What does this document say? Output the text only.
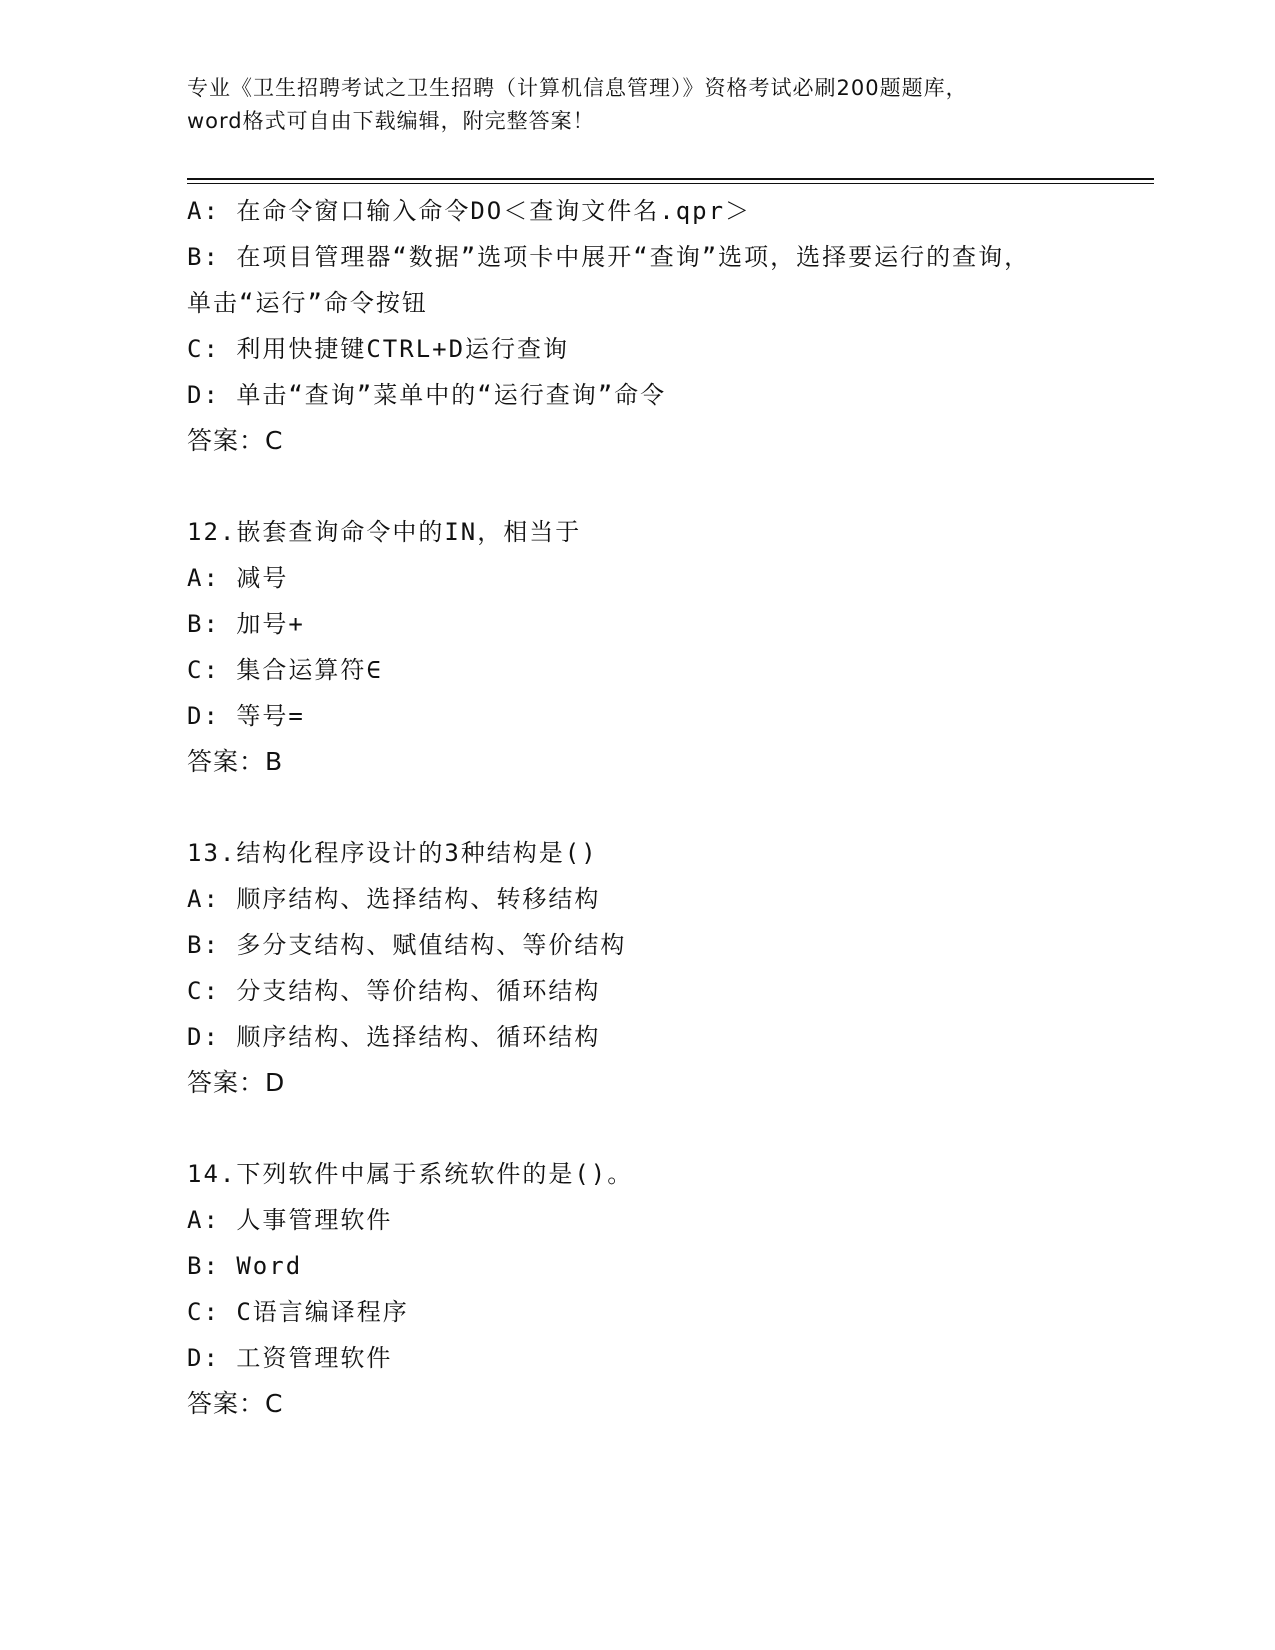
专业《卫生招聘考试之卫生招聘（计算机信息管理）》资格考试必刷200题题库，
word格式可自由下载编辑，附完整答案！
A: 在命令窗口输入命令DO＜查询文件名.qpr＞
B: 在项目管理器“数据”选项卡中展开“查询”选项，选择要运行的查询，单击“运行”命令按钮
C: 利用快捷键CTRL+D运行查询
D: 单击“查询”菜单中的“运行查询”命令
答案：C
12.嵌套查询命令中的IN，相当于
A: 减号
B: 加号+
C: 集合运算符∈
D: 等号=
答案：B
13.结构化程序设计的3种结构是()
A: 顺序结构、选择结构、转移结构
B: 多分支结构、赋值结构、等价结构
C: 分支结构、等价结构、循环结构
D: 顺序结构、选择结构、循环结构
答案：D
14.下列软件中属于系统软件的是()。
A: 人事管理软件
B: Word
C: C语言编译程序
D: 工资管理软件
答案：C
